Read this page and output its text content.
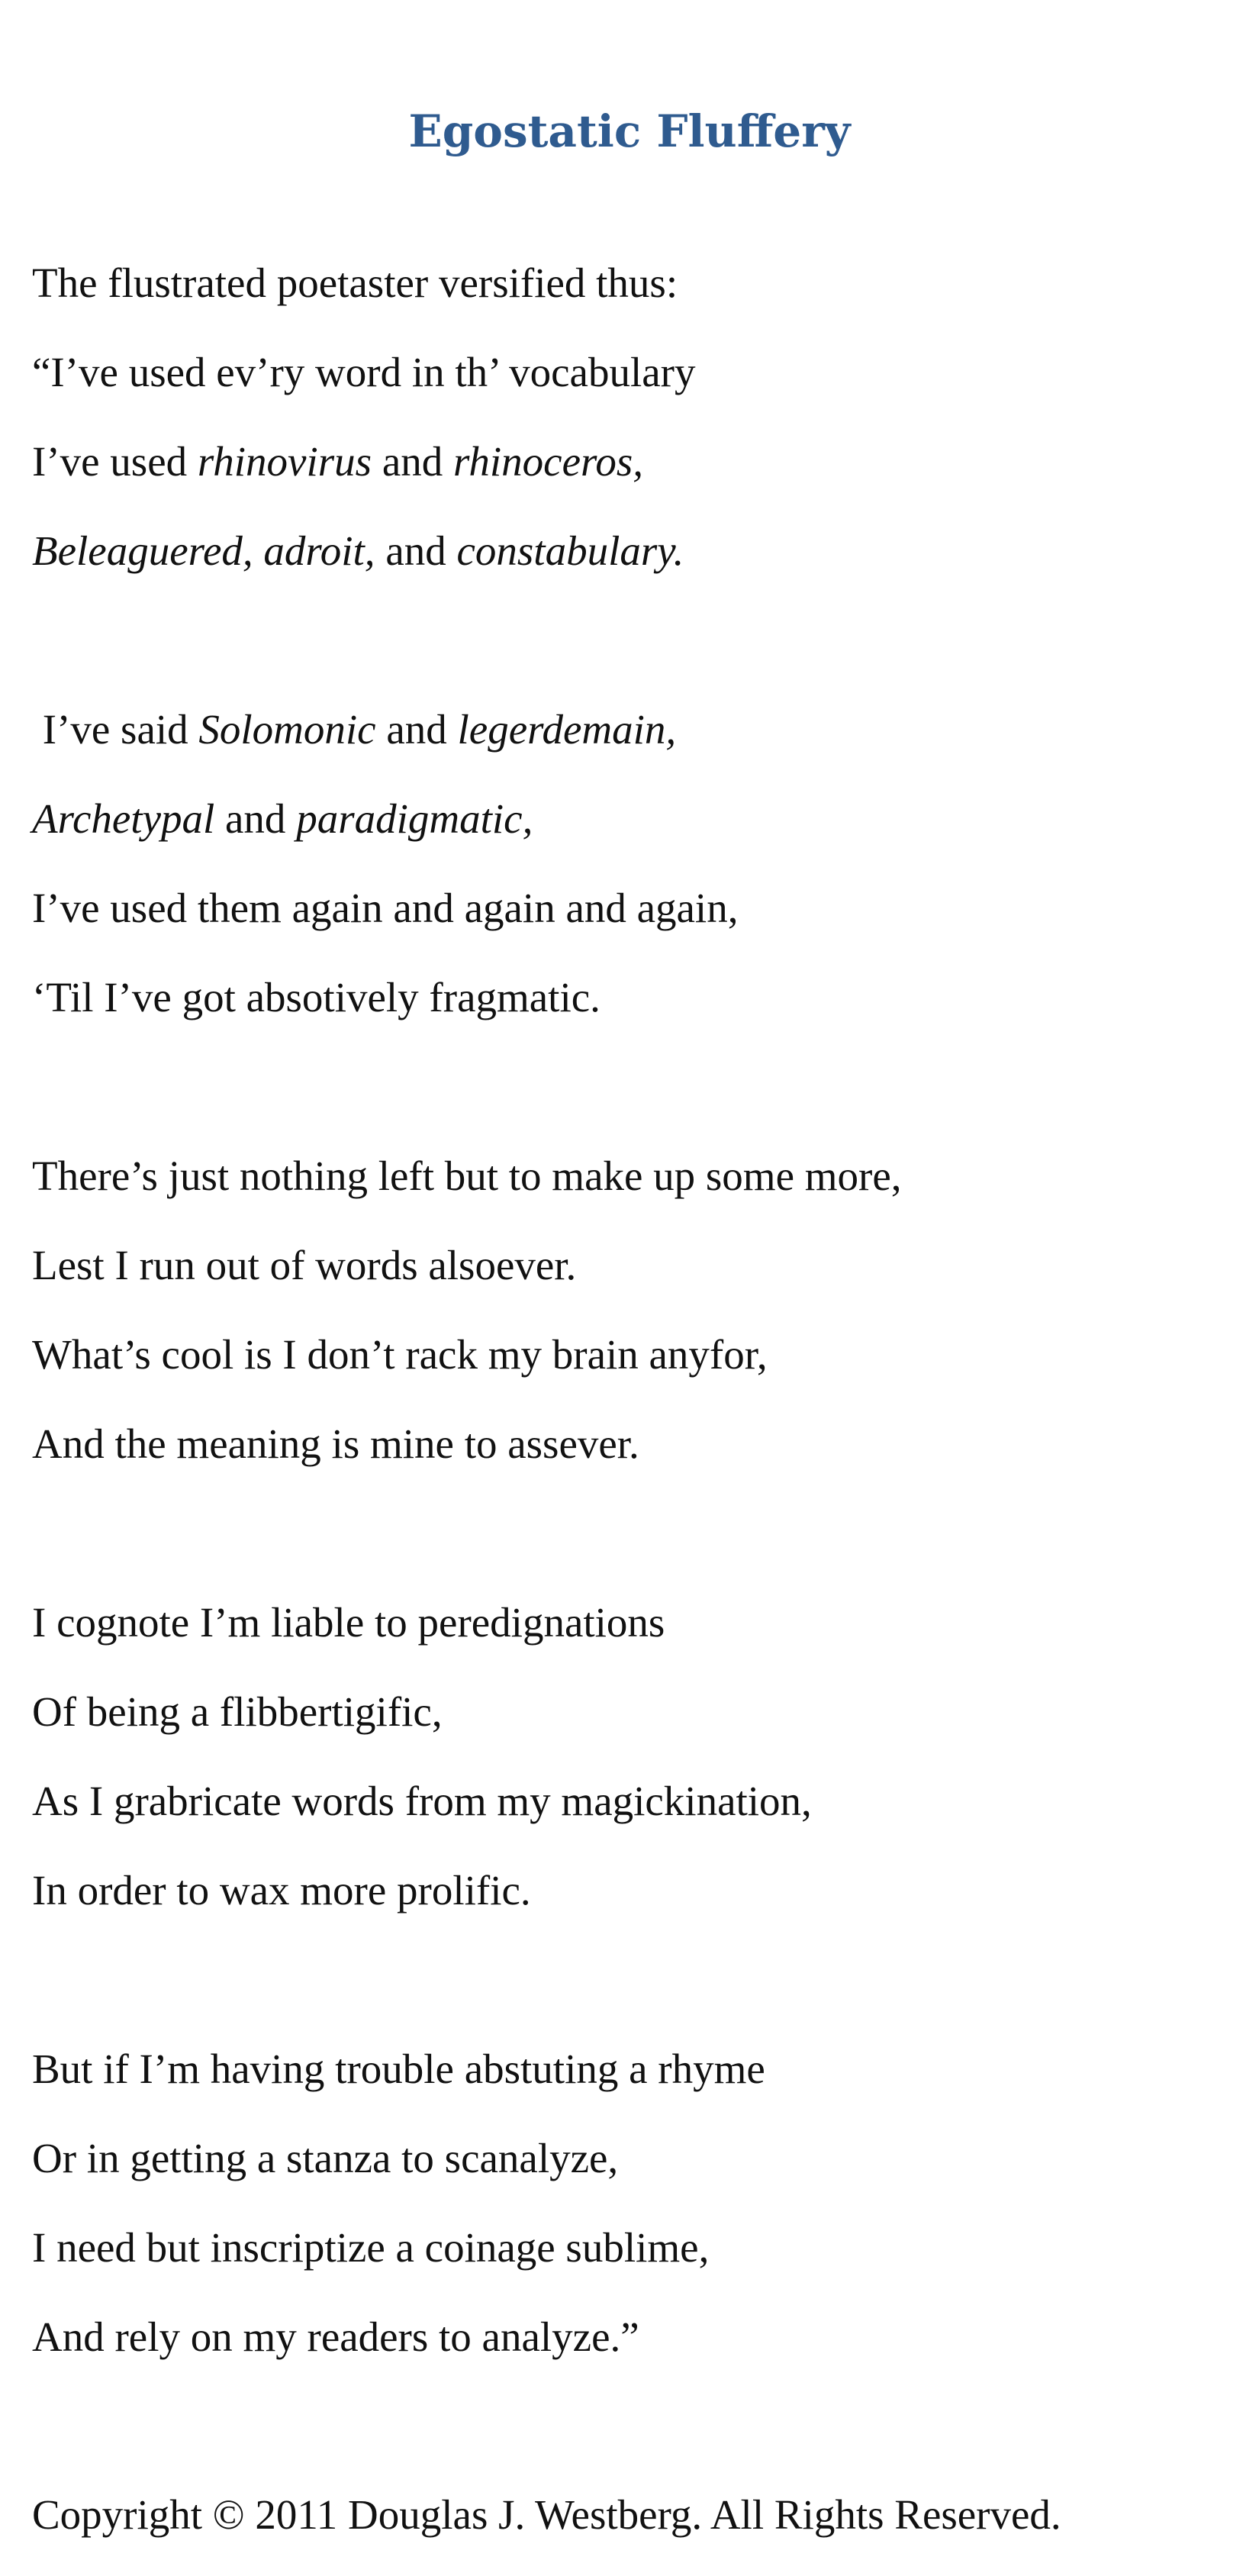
Egostatic Fluffery
The flustrated poetaster versified thus:
“I’ve used ev’ry word in th’ vocabulary
I’ve used rhinovirus and rhinoceros,
Beleaguered, adroit, and constabulary.
I’ve said Solomonic and legerdemain,
Archetypal and paradigmatic,
I’ve used them again and again and again,
‘Til I’ve got absotively fragmatic.
There’s just nothing left but to make up some more,
Lest I run out of words alsoever.
What’s cool is I don’t rack my brain anyfor,
And the meaning is mine to assever.
I cognote I’m liable to peredignations
Of being a flibbertigific,
As I grabricate words from my magickination,
In order to wax more prolific.
But if I’m having trouble abstuting a rhyme
Or in getting a stanza to scanalyze,
I need but inscriptize a coinage sublime,
And rely on my readers to analyze.”
Copyright © 2011 Douglas J. Westberg. All Rights Reserved.
